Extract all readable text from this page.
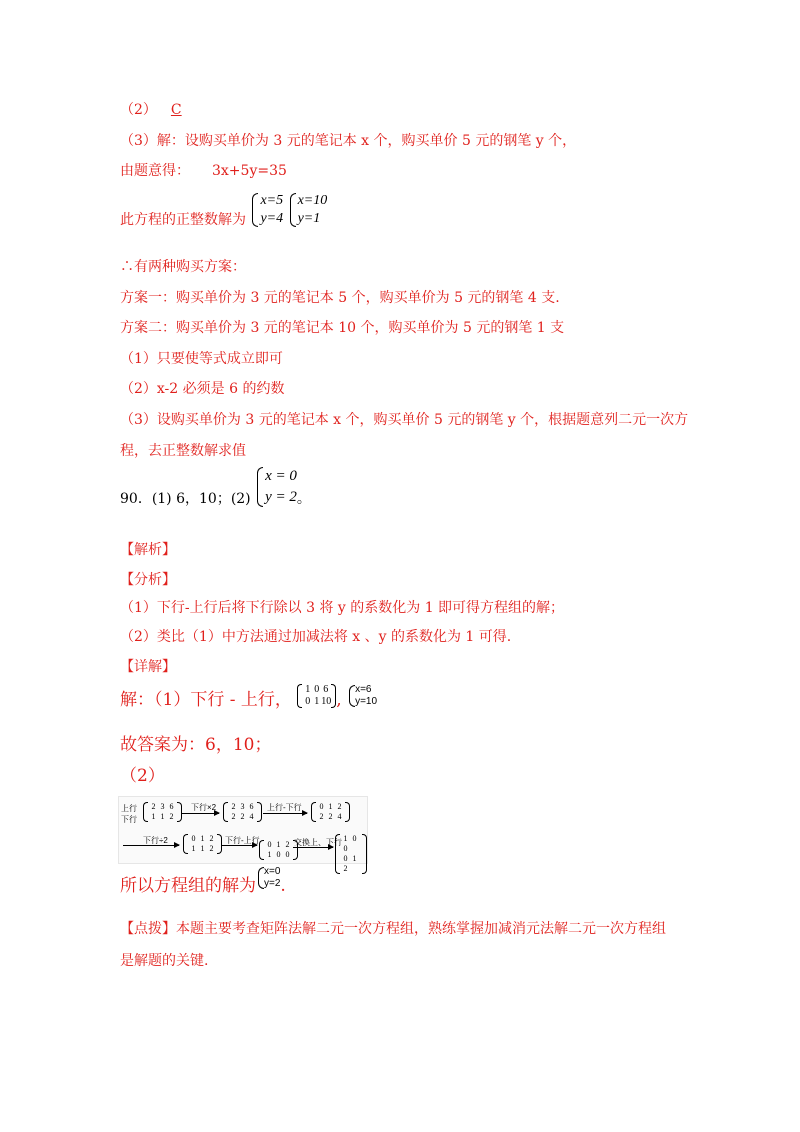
（2） C
（3）解：设购买单价为 3 元的笔记本 x 个，购买单价 5 元的钢笔 y 个，
由题意得： 3x+5y=35
此方程的正整数解为
x=5
y=4

x=10
y=1
∴有两种购买方案：
方案一：购买单价为 3 元的笔记本 5 个，购买单价为 5 元的钢笔 4 支.
方案二：购买单价为 3 元的笔记本 10 个，购买单价为 5 元的钢笔 1 支
（1）只要使等式成立即可
（2）x-2 必须是 6 的约数
（3）设购买单价为 3 元的笔记本 x 个，购买单价 5 元的钢笔 y 个，根据题意列二元一次方
程，去正整数解求值
90．(1) 6，10；(2)
x = 0
y = 2 。
【解析】
【分析】
（1）下行-上行后将下行除以 3 将 y 的系数化为 1 即可得方程组的解；
（2）类比（1）中方法通过加减法将 x 、y 的系数化为 1 可得.
【详解】
解：（1）下行 - 上行， 1 0 6
0 1 10 , x=6
y=10
故答案为：6，10；
（2）
上行
下行
2 3 6
1 1 2
下行×2	2 3 6
2 2 4
上行-下行	0 1 2
2 2 4
下行÷2	0 1 2
1 1 2
下行-上行 0 1 2
1 0 0
交换上、下行 1 00
0 12
所以方程组的解为
x=0
y=2 .
【点拨】本题主要考查矩阵法解二元一次方程组，熟练掌握加减消元法解二元一次方程组
是解题的关键.
